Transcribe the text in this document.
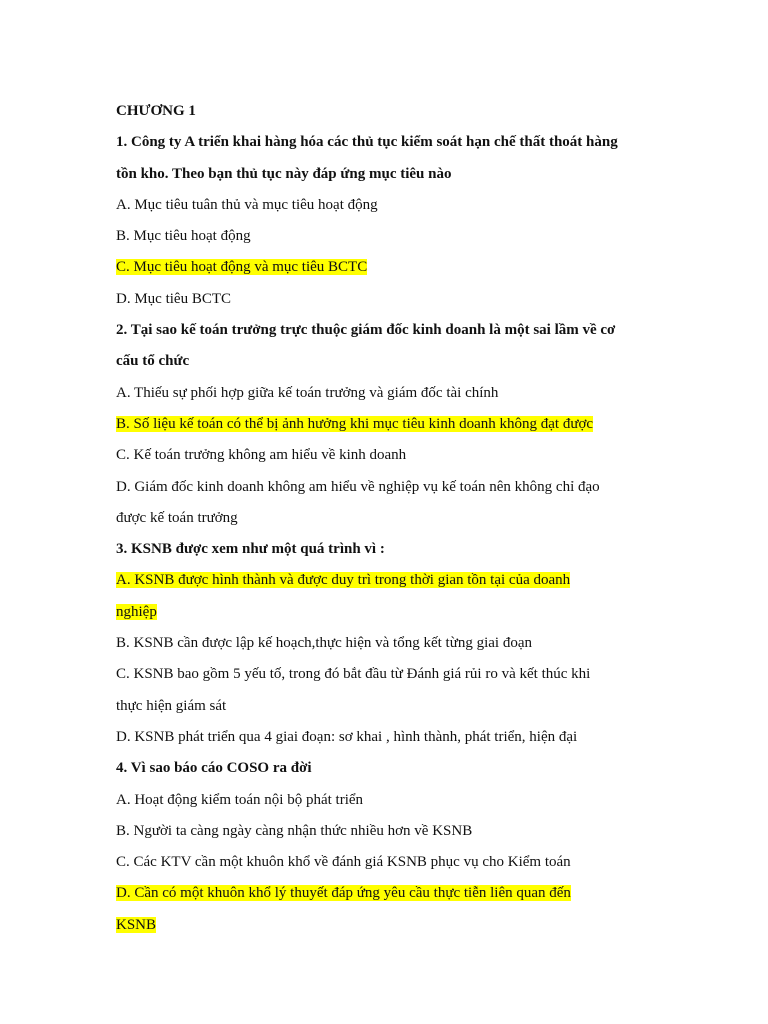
CHƯƠNG 1
1. Công ty A triển khai hàng hóa các thủ tục kiểm soát hạn chế thất thoát hàng
tồn kho. Theo bạn thủ tục này đáp ứng mục tiêu nào
A. Mục tiêu tuân thủ và mục tiêu hoạt động
B. Mục tiêu hoạt động
C. Mục tiêu hoạt động và mục tiêu BCTC
D. Mục tiêu BCTC
2. Tại sao kế toán trưởng trực thuộc giám đốc kinh doanh là một sai lầm về cơ
cấu tổ chức
A. Thiếu sự phối hợp giữa kế toán trưởng và giám đốc tài chính
B. Số liệu kế toán có thể bị ảnh hưởng khi mục tiêu kinh doanh không đạt được
C. Kế toán trưởng không am hiểu về kinh doanh
D. Giám đốc kinh doanh không am hiểu về nghiệp vụ kế toán nên không chỉ đạo
được kế toán trưởng
3. KSNB được xem như một quá trình vì :
A. KSNB được hình thành và được duy trì trong thời gian tồn tại của doanh
nghiệp
B. KSNB cần được lập kế hoạch,thực hiện và tổng kết từng giai đoạn
C. KSNB bao gồm 5 yếu tố, trong đó bắt đầu từ Đánh giá rủi ro và kết thúc khi
thực hiện giám sát
D. KSNB phát triển qua 4 giai đoạn: sơ khai , hình thành, phát triển, hiện đại
4. Vì sao báo cáo COSO ra đời
A. Hoạt động kiểm toán nội bộ phát triển
B. Người ta càng ngày càng nhận thức nhiều hơn về KSNB
C. Các KTV cần một khuôn khổ về đánh giá KSNB phục vụ cho Kiểm toán
D. Cần có một khuôn khổ lý thuyết đáp ứng yêu cầu thực tiễn liên quan đến
KSNB
